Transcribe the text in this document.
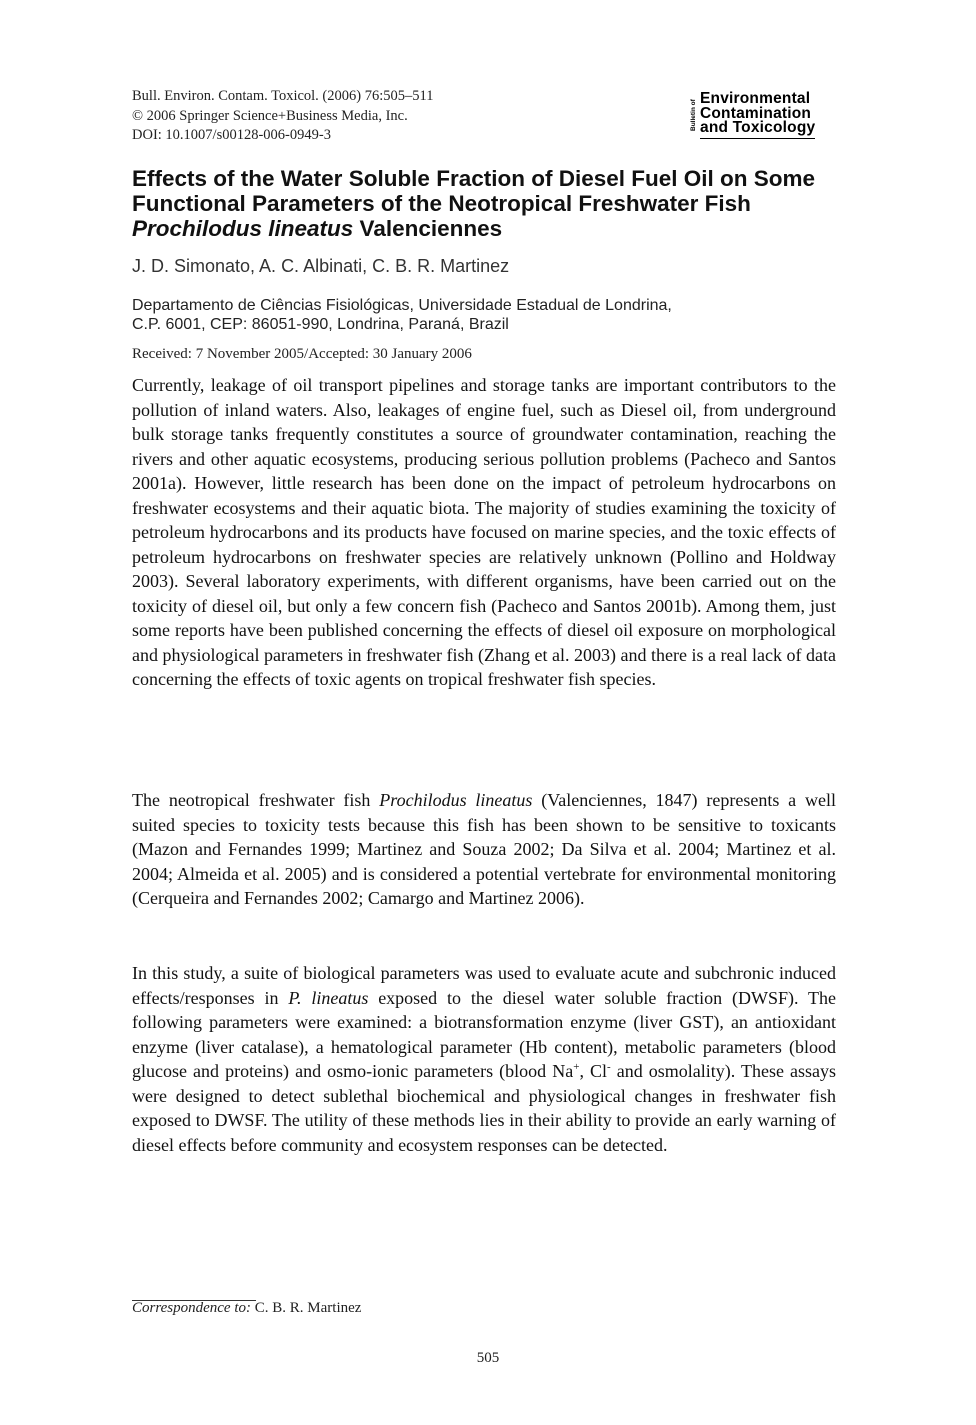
Bull. Environ. Contam. Toxicol. (2006) 76:505–511
© 2006 Springer Science+Business Media, Inc.
DOI: 10.1007/s00128-006-0949-3
Bulletin of
Environmental
Contamination
and Toxicology
Effects of the Water Soluble Fraction of Diesel Fuel Oil on Some Functional Parameters of the Neotropical Freshwater Fish Prochilodus lineatus Valenciennes
J. D. Simonato, A. C. Albinati, C. B. R. Martinez
Departamento de Ciências Fisiológicas, Universidade Estadual de Londrina,
C.P. 6001, CEP: 86051-990, Londrina, Paraná, Brazil
Received: 7 November 2005/Accepted: 30 January 2006

Currently, leakage of oil transport pipelines and storage tanks are important contributors to the pollution of inland waters. Also, leakages of engine fuel, such as Diesel oil, from underground bulk storage tanks frequently constitutes a source of groundwater contamination, reaching the rivers and other aquatic ecosystems, producing serious pollution problems (Pacheco and Santos 2001a). However, little research has been done on the impact of petroleum hydrocarbons on freshwater ecosystems and their aquatic biota. The majority of studies examining the toxicity of petroleum hydrocarbons and its products have focused on marine species, and the toxic effects of petroleum hydrocarbons on freshwater species are relatively unknown (Pollino and Holdway 2003). Several laboratory experiments, with different organisms, have been carried out on the toxicity of diesel oil, but only a few concern fish (Pacheco and Santos 2001b). Among them, just some reports have been published concerning the effects of diesel oil exposure on morphological and physiological parameters in freshwater fish (Zhang et al. 2003) and there is a real lack of data concerning the effects of toxic agents on tropical freshwater fish species.

The neotropical freshwater fish Prochilodus lineatus (Valenciennes, 1847) represents a well suited species to toxicity tests because this fish has been shown to be sensitive to toxicants (Mazon and Fernandes 1999; Martinez and Souza 2002; Da Silva et al. 2004; Martinez et al. 2004; Almeida et al. 2005) and is considered a potential vertebrate for environmental monitoring (Cerqueira and Fernandes 2002; Camargo and Martinez 2006).

In this study, a suite of biological parameters was used to evaluate acute and subchronic induced effects/responses in P. lineatus exposed to the diesel water soluble fraction (DWSF). The following parameters were examined: a biotransformation enzyme (liver GST), an antioxidant enzyme (liver catalase), a hematological parameter (Hb content), metabolic parameters (blood glucose and proteins) and osmo-ionic parameters (blood Na+, Cl- and osmolality). These assays were designed to detect sublethal biochemical and physiological changes in freshwater fish exposed to DWSF. The utility of these methods lies in their ability to provide an early warning of diesel effects before community and ecosystem responses can be detected.

Correspondence to: C. B. R. Martinez
505
